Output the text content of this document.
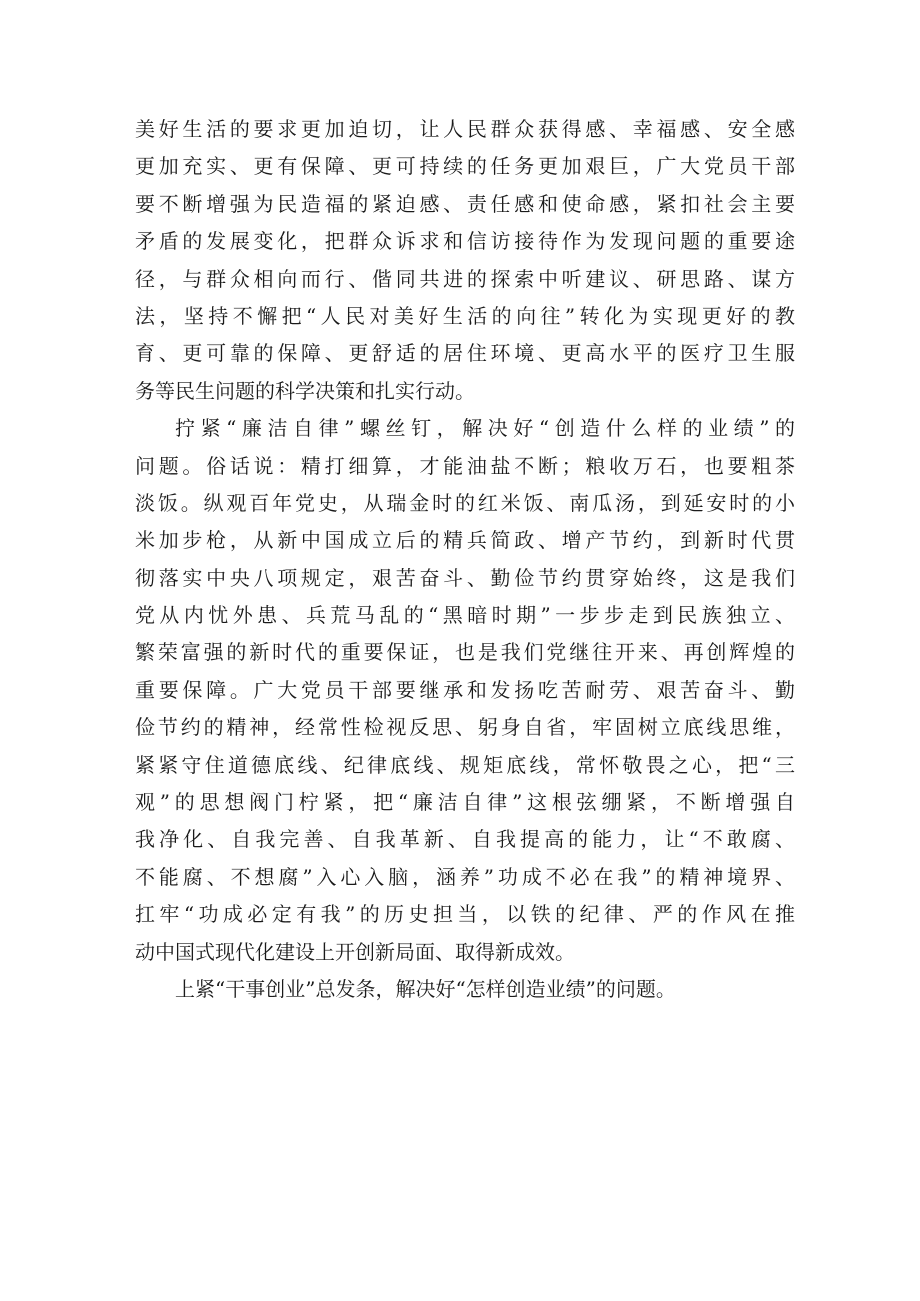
美好生活的要求更加迫切，让人民群众获得感、幸福感、安全感
更加充实、更有保障、更可持续的任务更加艰巨，广大党员干部
要不断增强为民造福的紧迫感、责任感和使命感，紧扣社会主要
矛盾的发展变化，把群众诉求和信访接待作为发现问题的重要途
径，与群众相向而行、偕同共进的探索中听建议、研思路、谋方
法，坚持不懈把“人民对美好生活的向往”转化为实现更好的教
育、更可靠的保障、更舒适的居住环境、更高水平的医疗卫生服
务等民生问题的科学决策和扎实行动。
拧紧“廉洁自律”螺丝钉，解决好“创造什么样的业绩”的
问题。俗话说：精打细算，才能油盐不断；粮收万石，也要粗茶
淡饭。纵观百年党史，从瑞金时的红米饭、南瓜汤，到延安时的小
米加步枪，从新中国成立后的精兵简政、增产节约，到新时代贯
彻落实中央八项规定，艰苦奋斗、勤俭节约贯穿始终，这是我们
党从内忧外患、兵荒马乱的“黑暗时期”一步步走到民族独立、
繁荣富强的新时代的重要保证，也是我们党继往开来、再创辉煌的
重要保障。广大党员干部要继承和发扬吃苦耐劳、艰苦奋斗、勤
俭节约的精神，经常性检视反思、躬身自省，牢固树立底线思维，
紧紧守住道德底线、纪律底线、规矩底线，常怀敬畏之心，把“三
观”的思想阀门柠紧，把“廉洁自律”这根弦绷紧，不断增强自
我净化、自我完善、自我革新、自我提高的能力，让“不敢腐、
不能腐、不想腐”入心入脑，涵养”功成不必在我”的精神境界、
扛牢“功成必定有我”的历史担当，以铁的纪律、严的作风在推
动中国式现代化建设上开创新局面、取得新成效。
上紧“干事创业”总发条，解决好“怎样创造业绩”的问题。
